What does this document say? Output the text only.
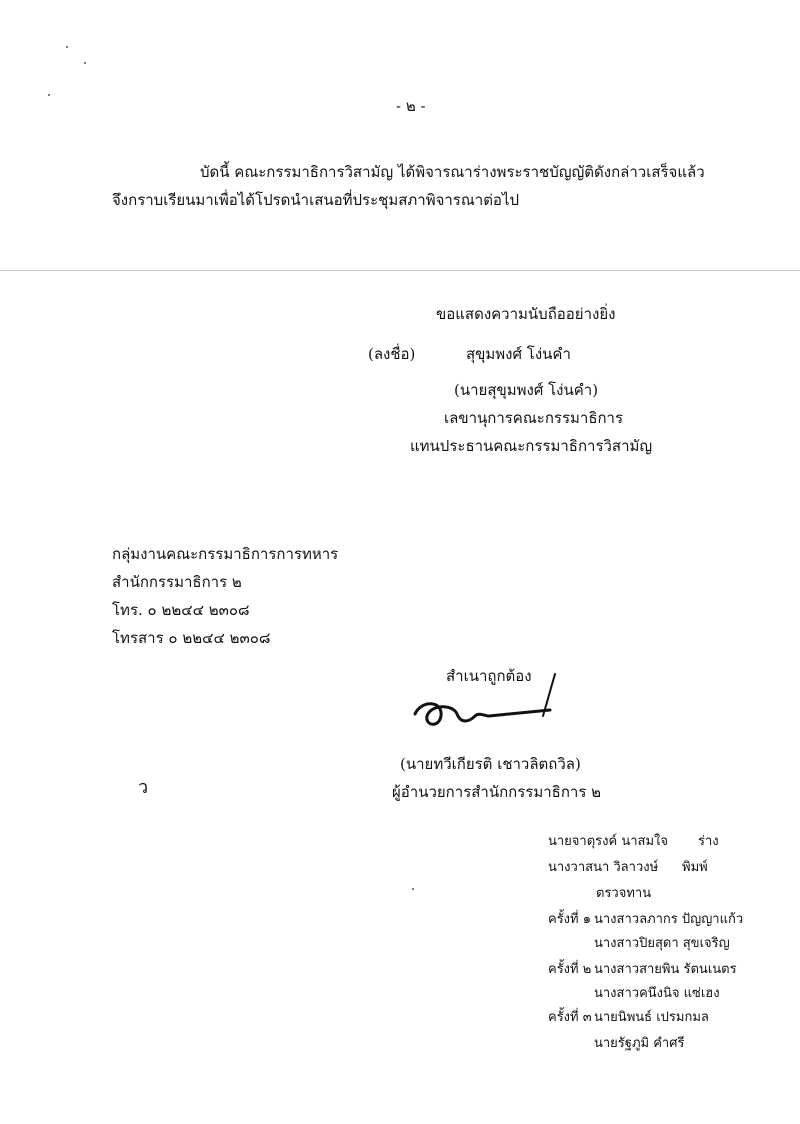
- ๒ -
บัดนี้ คณะกรรมาธิการวิสามัญ ได้พิจารณาร่างพระราชบัญญัติดังกล่าวเสร็จแล้ว
จึงกราบเรียนมาเพื่อได้โปรดนำเสนอที่ประชุมสภาพิจารณาต่อไป
ขอแสดงความนับถืออย่างยิ่ง
(ลงชื่อ)	สุขุมพงศ์ โง่นคำ
(นายสุขุมพงศ์ โง่นคำ)
เลขานุการคณะกรรมาธิการ
แทนประธานคณะกรรมาธิการวิสามัญ
กลุ่มงานคณะกรรมาธิการการทหาร
สำนักกรรมาธิการ ๒
โทร. ๐ ๒๒๔๔ ๒๓๐๘
โทรสาร ๐ ๒๒๔๔ ๒๓๐๘
สำเนาถูกต้อง
(นายทวีเกียรติ เชาวลิตถวิล)
ผู้อำนวยการสำนักกรรมาธิการ ๒
ว
นายจาตุรงค์ นาสมใจ ร่าง
นางวาสนา วิลาวงษ์ พิมพ์
ตรวจทาน
ครั้งที่ ๑ นางสาวลภากร ปัญญาแก้ว
นางสาวปิยสุดา สุขเจริญ
ครั้งที่ ๒ นางสาวสายพิน รัตนเนตร
นางสาวคนึงนิจ แซ่เฮง
ครั้งที่ ๓ นายนิพนธ์ เปรมกมล
นายรัฐภูมิ คำศรี
